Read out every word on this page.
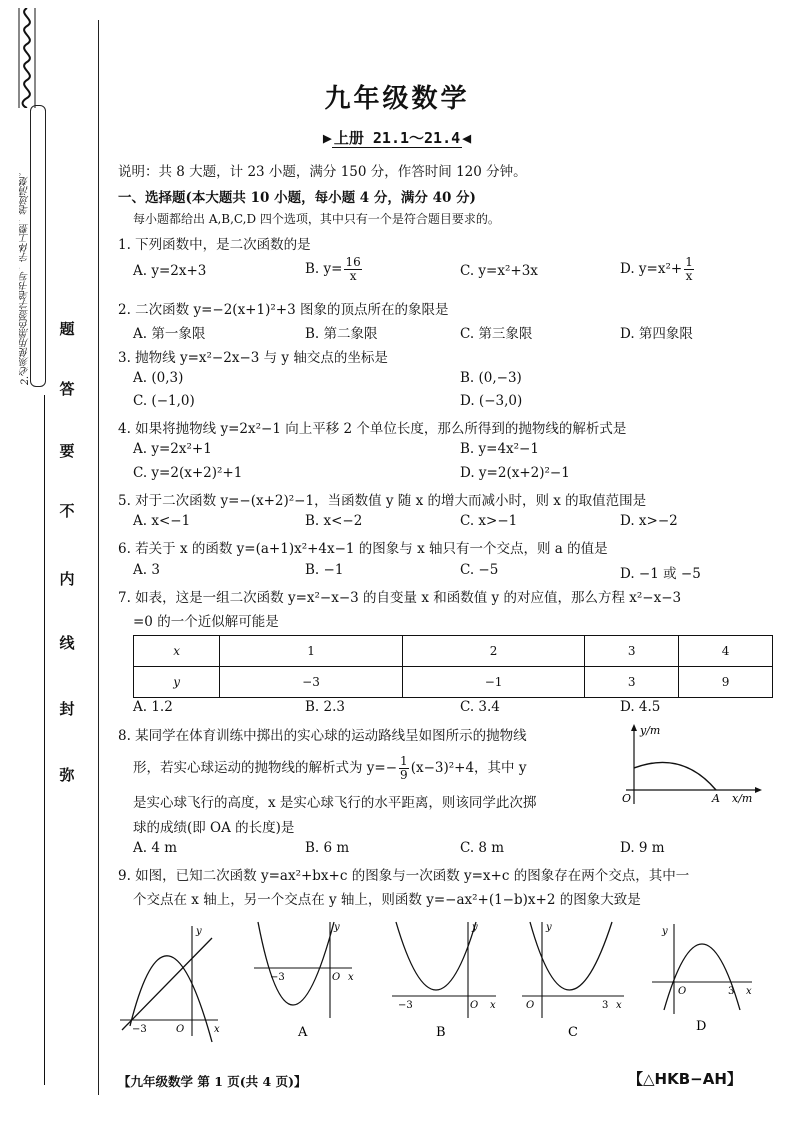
2.必须使用黑色签字笔书写，字体工整，笔迹清楚。	题
答
要
不
内
线
封
弥
九年级数学
▶ 上册 21.1～21.4 ◀
说明：共 8 大题，计 23 小题，满分 150 分，作答时间 120 分钟。
一、选择题(本大题共 10 小题，每小题 4 分，满分 40 分)
每小题都给出 A,B,C,D 四个选项，其中只有一个是符合题目要求的。
1. 下列函数中，是二次函数的是
A. y=2x+3	B. $y= \frac{16}{x}$	C. y=x²+3x	D. $y=x^2+ \frac{1}{x}$
2. 二次函数 y=−2(x+1)²+3 图象的顶点所在的象限是
A. 第一象限	B. 第二象限	C. 第三象限	D. 第四象限
3. 抛物线 y=x²−2x−3 与 y 轴交点的坐标是
A. (0,3)	B. (0,−3)
C. (−1,0)	D. (−3,0)
4. 如果将抛物线 y=2x²−1 向上平移 2 个单位长度，那么所得到的抛物线的解析式是
A. y=2x²+1	B. y=4x²−1
C. y=2(x+2)²+1	D. y=2(x+2)²−1
5. 对于二次函数 y=−(x+2)²−1，当函数值 y 随 x 的增大而减小时，则 x 的取值范围是
A. x<−1	B. x<−2	C. x>−1	D. x>−2
6. 若关于 x 的函数 y=(a+1)x²+4x−1 的图象与 x 轴只有一个交点，则 a 的值是
A. 3	B. −1	C. −5	D. −1 或 −5
7. 如表，这是一组二次函数 y=x²−x−3 的自变量 x 和函数值 y 的对应值，那么方程 x²−x−3
=0 的一个近似解可能是
x	1	2	3	4
y	−3	−1	3	9
A. 1.2	B. 2.3	C. 3.4	D. 4.5
8. 某同学在体育训练中掷出的实心球的运动路线呈如图所示的抛物线
形，若实心球运动的抛物线的解析式为 $y=- \frac{1}{9} (x-3)^2+4$，其中 y
是实心球飞行的高度，x 是实心球飞行的水平距离，则该同学此次掷
球的成绩(即 OA 的长度)是
y/m
x/m
O	A
A. 4 m	B. 6 m	C. 8 m	D. 9 m
9. 如图，已知二次函数 y=ax²+bx+c 的图象与一次函数 y=x+c 的图象存在两个交点，其中一
个交点在 x 轴上，另一个交点在 y 轴上，则函数 y=−ax²+(1−b)x+2 的图象大致是
y
x
−3	O
−3	O x
y
A
−3	O x
y
B
O	3 x
y
C
O	3 x
y
D
【九年级数学 第 1 页(共 4 页)】	【△HKB−AH】
